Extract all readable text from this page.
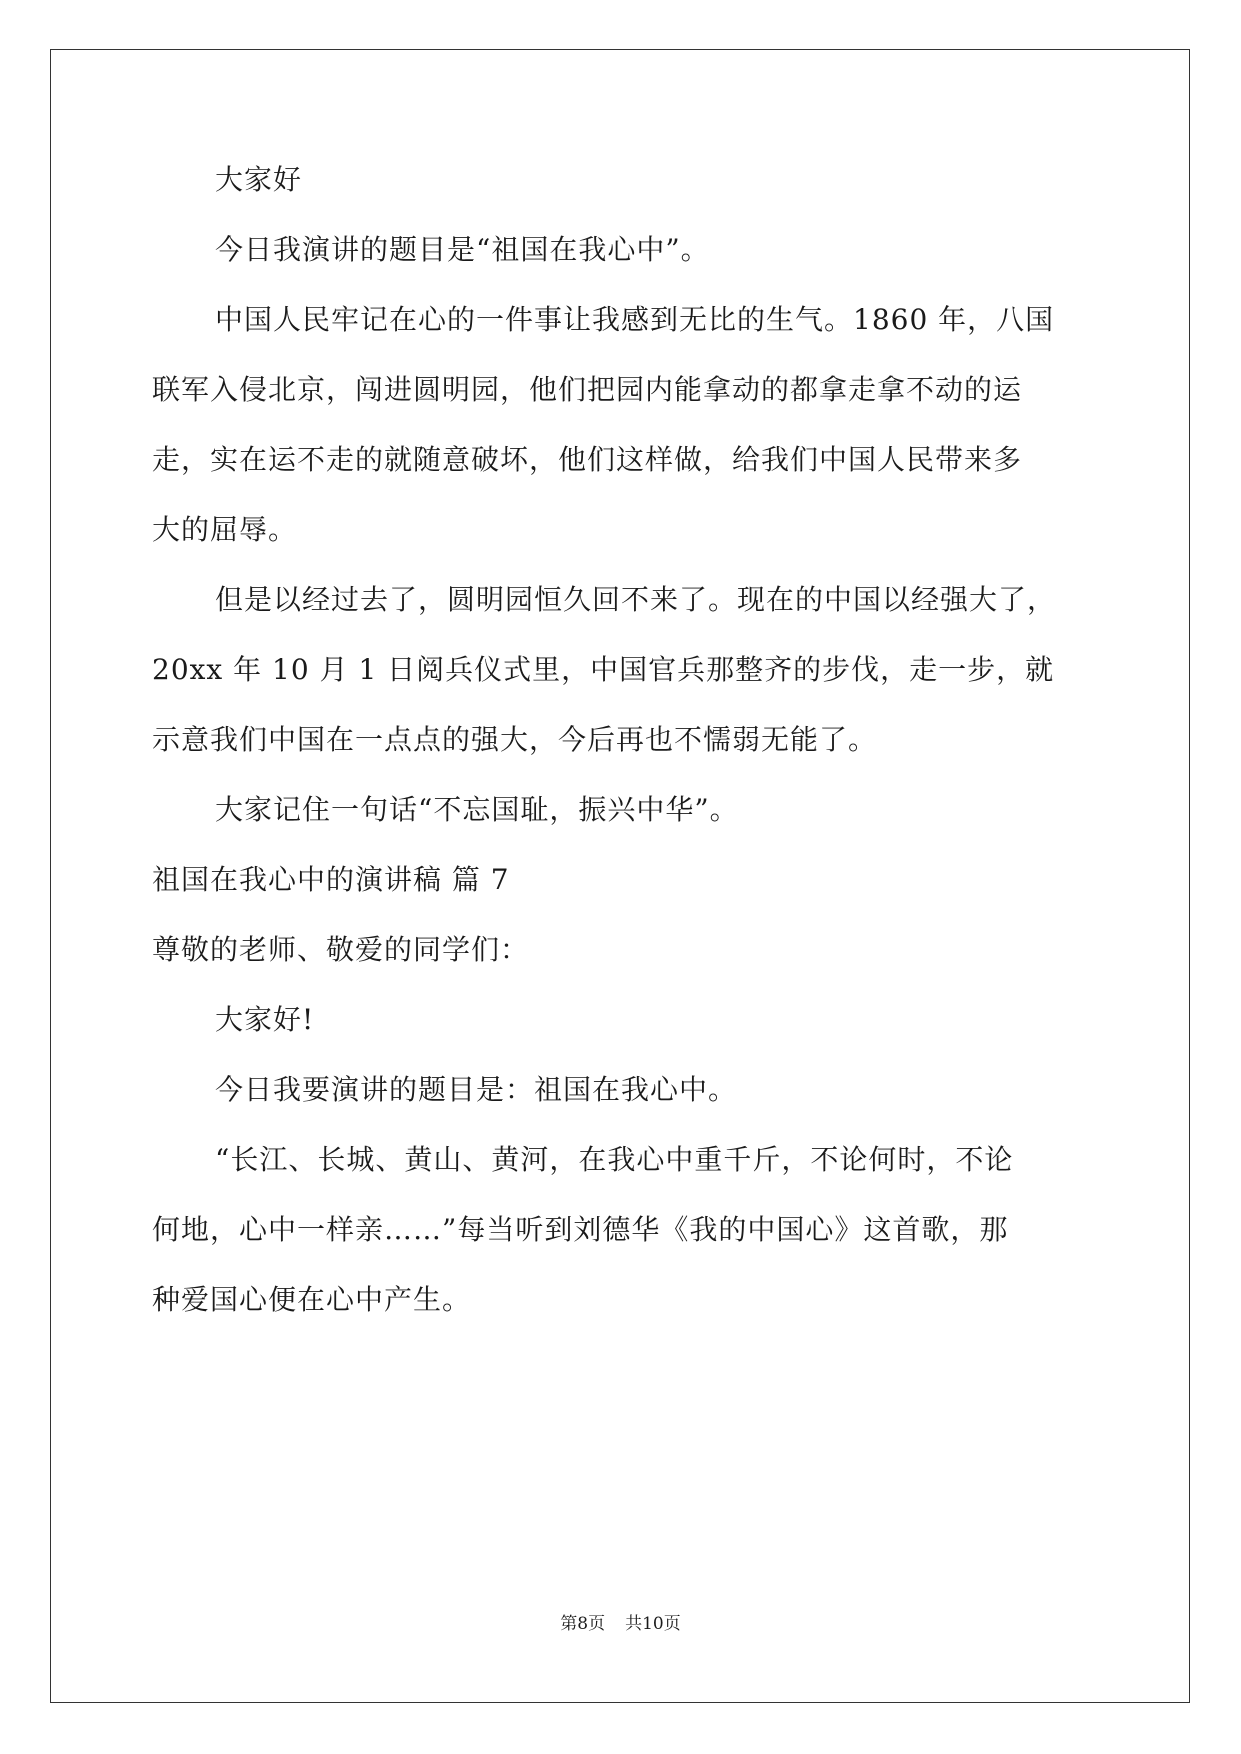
大家好
今日我演讲的题目是“祖国在我心中”。
中国人民牢记在心的一件事让我感到无比的生气。1860 年，八国
联军入侵北京，闯进圆明园，他们把园内能拿动的都拿走拿不动的运
走，实在运不走的就随意破坏，他们这样做，给我们中国人民带来多
大的屈辱。
但是以经过去了，圆明园恒久回不来了。现在的中国以经强大了，
20xx 年 10 月 1 日阅兵仪式里，中国官兵那整齐的步伐，走一步，就
示意我们中国在一点点的强大，今后再也不懦弱无能了。
大家记住一句话“不忘国耻，振兴中华”。
祖国在我心中的演讲稿 篇 7
尊敬的老师、敬爱的同学们：
大家好!
今日我要演讲的题目是：祖国在我心中。
“长江、长城、黄山、黄河，在我心中重千斤，不论何时，不论
何地，心中一样亲……”每当听到刘德华《我的中国心》这首歌，那
种爱国心便在心中产生。
第8页 共10页
